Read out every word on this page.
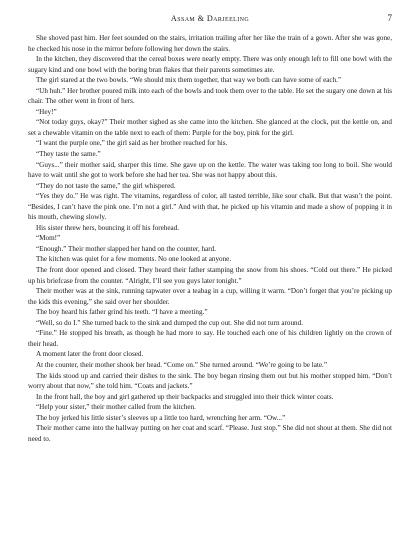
Assam & Darjeeling	7

She shoved past him. Her feet sounded on the stairs, irritation trailing after her like the train of a gown. After she was gone, he checked his nose in the mirror before following her down the stairs.

In the kitchen, they discovered that the cereal boxes were nearly empty. There was only enough left to fill one bowl with the sugary kind and one bowl with the boring bran flakes that their parents sometimes ate.

The girl stared at the two bowls. “We should mix them together, that way we both can have some of each.”

“Uh huh.” Her brother poured milk into each of the bowls and took them over to the table. He set the sugary one down at his chair. The other went in front of hers.

“Hey!”

“Not today guys, okay?” Their mother sighed as she came into the kitchen. She glanced at the clock, put the kettle on, and set a chewable vitamin on the table next to each of them: Purple for the boy, pink for the girl.

“I want the purple one,” the girl said as her brother reached for his.

“They taste the same.”

“Guys...” their mother said, sharper this time. She gave up on the kettle. The water was taking too long to boil. She would have to wait until she got to work before she had her tea. She was not happy about this.

“They do not taste the same,” the girl whispered.

“Yes they do.” He was right. The vitamins, regardless of color, all tasted terrible, like sour chalk. But that wasn’t the point. “Besides, I can’t have the pink one. I’m not a girl.” And with that, he picked up his vitamin and made a show of popping it in his mouth, chewing slowly.

His sister threw hers, bouncing it off his forehead.

“Mom!”

“Enough.” Their mother slapped her hand on the counter, hard.

The kitchen was quiet for a few moments. No one looked at anyone.

The front door opened and closed. They heard their father stamping the snow from his shoes. “Cold out there.” He picked up his briefcase from the counter. “Alright, I’ll see you guys later tonight.”

Their mother was at the sink, running tapwater over a teabag in a cup, willing it warm. “Don’t forget that you’re picking up the kids this evening,” she said over her shoulder.

The boy heard his father grind his teeth. “I have a meeting.”

“Well, so do I.” She turned back to the sink and dumped the cup out. She did not turn around.

“Fine.” He stopped his breath, as though he had more to say. He touched each one of his children lightly on the crown of their head.

A moment later the front door closed.

At the counter, their mother shook her head. “Come on.” She turned around. “We’re going to be late.”

The kids stood up and carried their dishes to the sink. The boy began rinsing them out but his mother stopped him. “Don’t worry about that now,” she told him. “Coats and jackets.”

In the front hall, the boy and girl gathered up their backpacks and struggled into their thick winter coats.

“Help your sister,” their mother called from the kitchen.

The boy jerked his little sister’s sleeves up a little too hard, wrenching her arm. “Ow...”

Their mother came into the hallway putting on her coat and scarf. “Please. Just stop.” She did not shout at them. She did not need to.
